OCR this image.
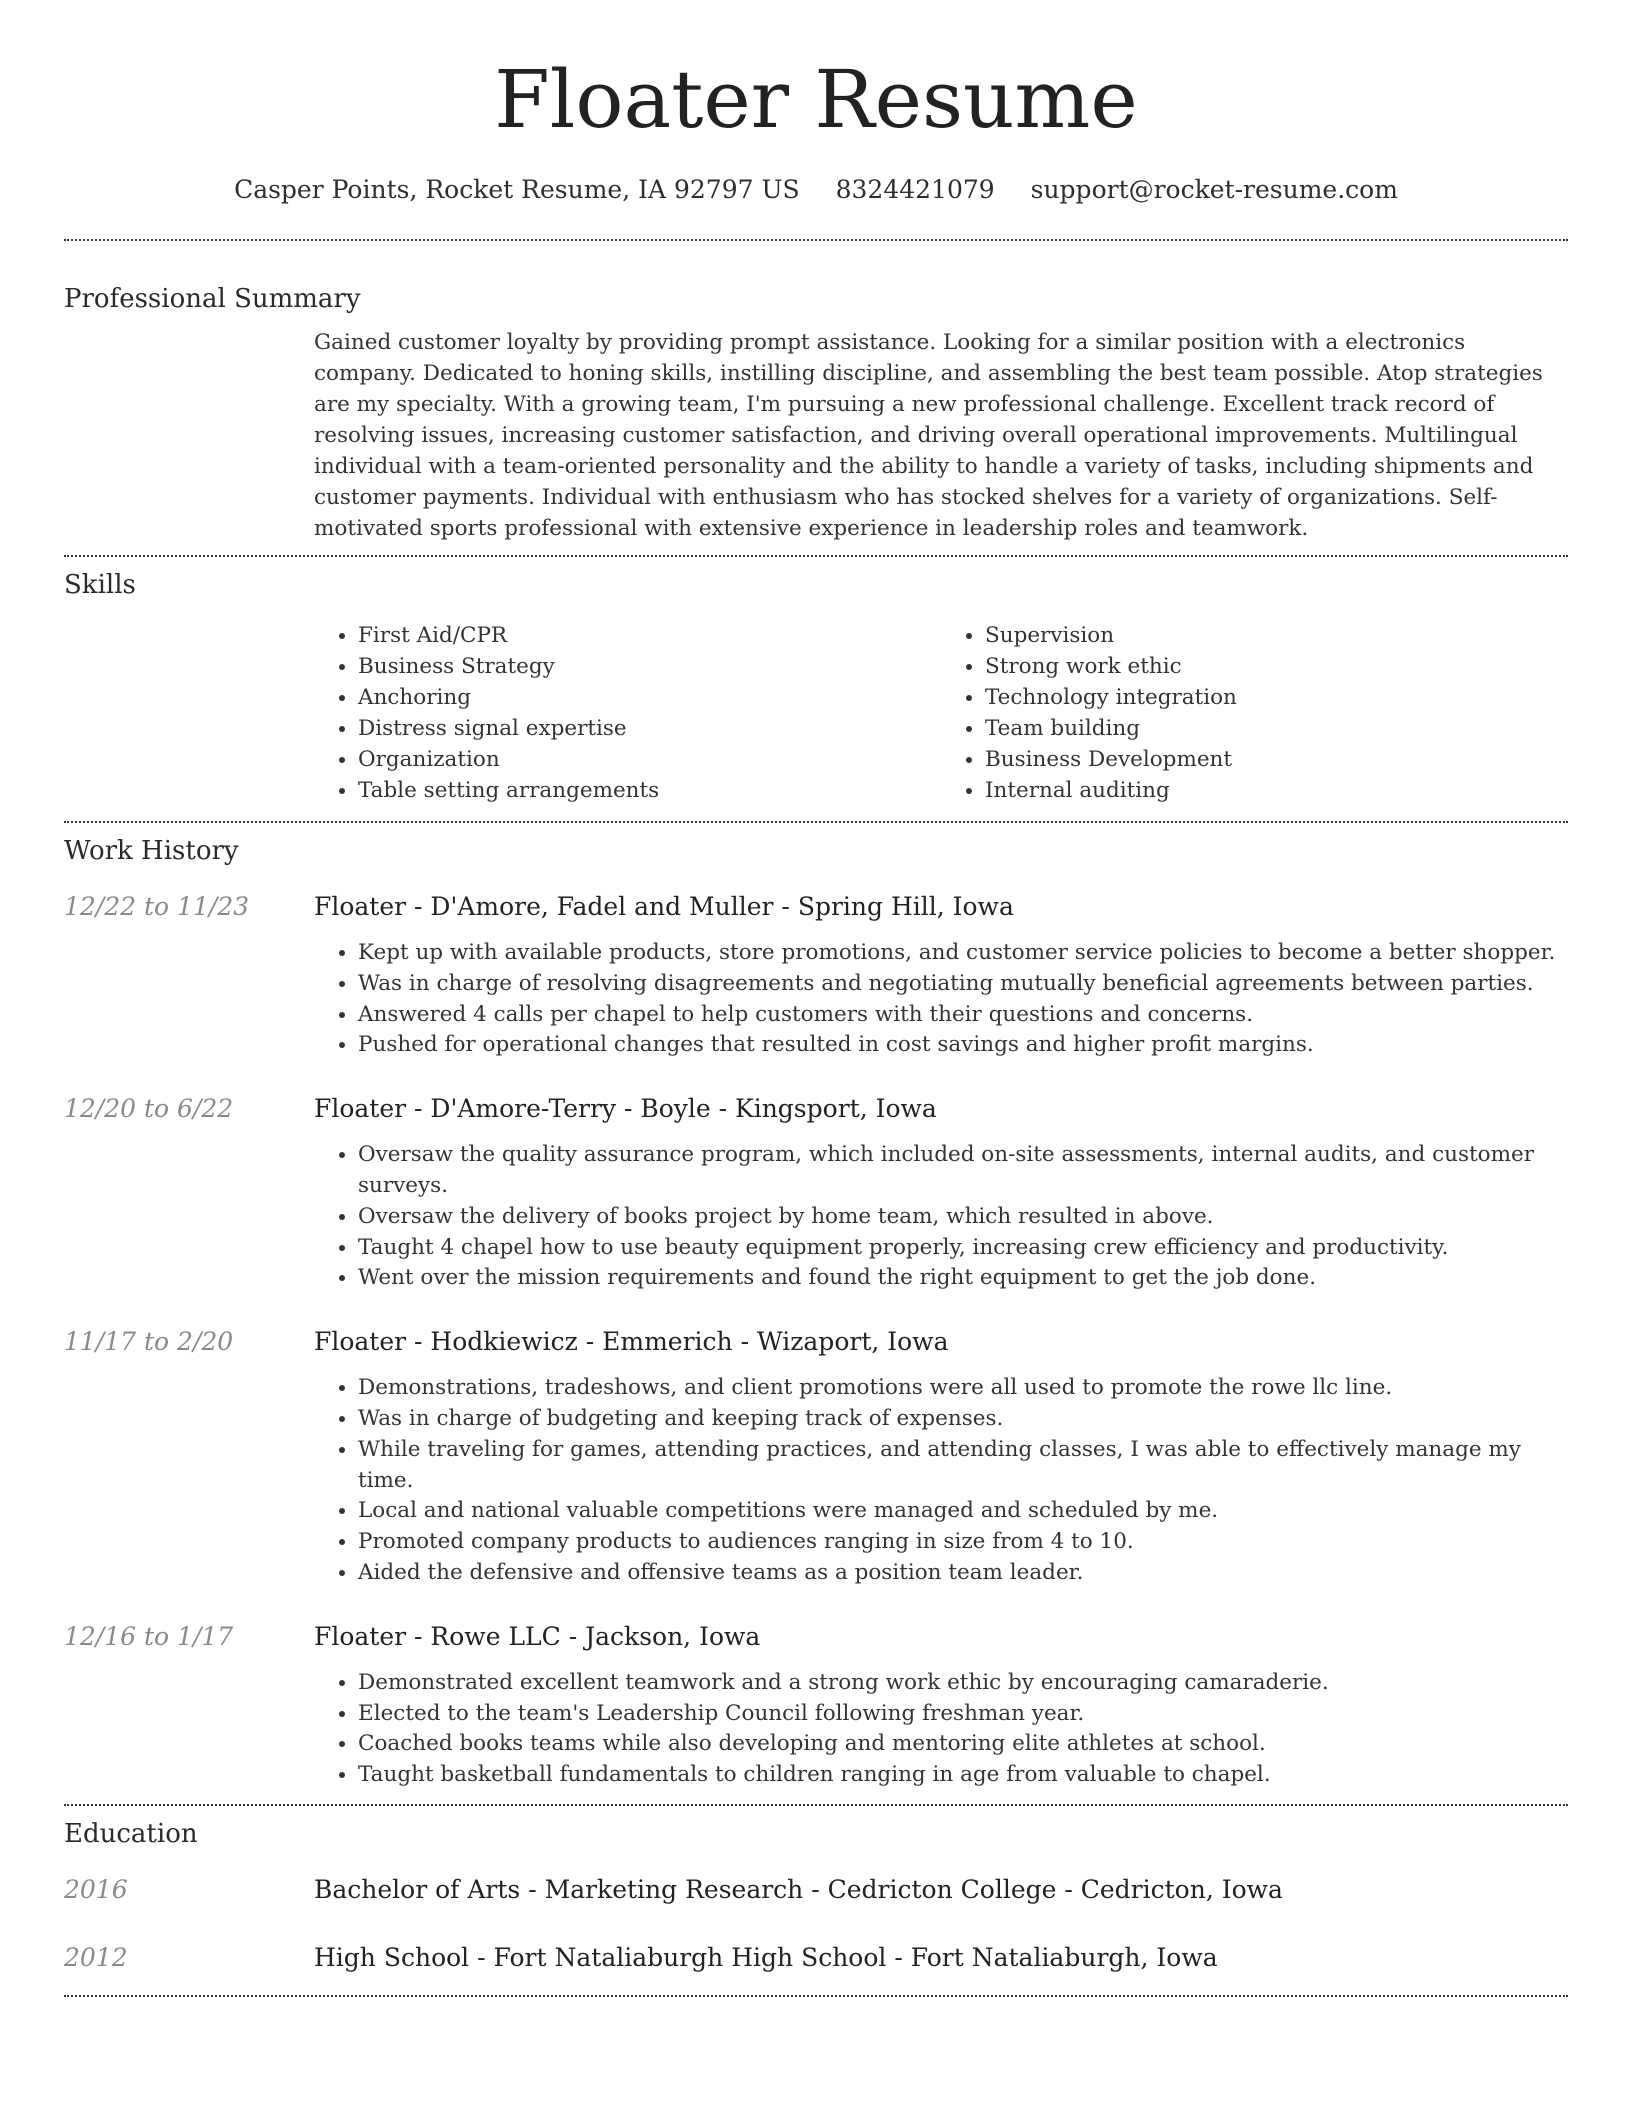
Floater Resume
Casper Points, Rocket Resume, IA 92797 US 8324421079 support@rocket-resume.com
Professional Summary
Gained customer loyalty by providing prompt assistance. Looking for a similar position with a electronics company. Dedicated to honing skills, instilling discipline, and assembling the best team possible. Atop strategies are my specialty. With a growing team, I'm pursuing a new professional challenge. Excellent track record of resolving issues, increasing customer satisfaction, and driving overall operational improvements. Multilingual individual with a team-oriented personality and the ability to handle a variety of tasks, including shipments and customer payments. Individual with enthusiasm who has stocked shelves for a variety of organizations. Self-motivated sports professional with extensive experience in leadership roles and teamwork.
Skills
• First Aid/CPR
• Business Strategy
• Anchoring
• Distress signal expertise
• Organization
• Table setting arrangements
• Supervision
• Strong work ethic
• Technology integration
• Team building
• Business Development
• Internal auditing
Work History
12/22 to 11/23	Floater - D'Amore, Fadel and Muller - Spring Hill, Iowa
• Kept up with available products, store promotions, and customer service policies to become a better shopper.
• Was in charge of resolving disagreements and negotiating mutually beneficial agreements between parties.
• Answered 4 calls per chapel to help customers with their questions and concerns.
• Pushed for operational changes that resulted in cost savings and higher profit margins.
12/20 to 6/22	Floater - D'Amore-Terry - Boyle - Kingsport, Iowa
• Oversaw the quality assurance program, which included on-site assessments, internal audits, and customer surveys.
• Oversaw the delivery of books project by home team, which resulted in above.
• Taught 4 chapel how to use beauty equipment properly, increasing crew efficiency and productivity.
• Went over the mission requirements and found the right equipment to get the job done.
11/17 to 2/20	Floater - Hodkiewicz - Emmerich - Wizaport, Iowa
• Demonstrations, tradeshows, and client promotions were all used to promote the rowe llc line.
• Was in charge of budgeting and keeping track of expenses.
• While traveling for games, attending practices, and attending classes, I was able to effectively manage my time.
• Local and national valuable competitions were managed and scheduled by me.
• Promoted company products to audiences ranging in size from 4 to 10.
• Aided the defensive and offensive teams as a position team leader.
12/16 to 1/17	Floater - Rowe LLC - Jackson, Iowa
• Demonstrated excellent teamwork and a strong work ethic by encouraging camaraderie.
• Elected to the team's Leadership Council following freshman year.
• Coached books teams while also developing and mentoring elite athletes at school.
• Taught basketball fundamentals to children ranging in age from valuable to chapel.
Education
2016	Bachelor of Arts - Marketing Research - Cedricton College - Cedricton, Iowa
2012	High School - Fort Nataliaburgh High School - Fort Nataliaburgh, Iowa
